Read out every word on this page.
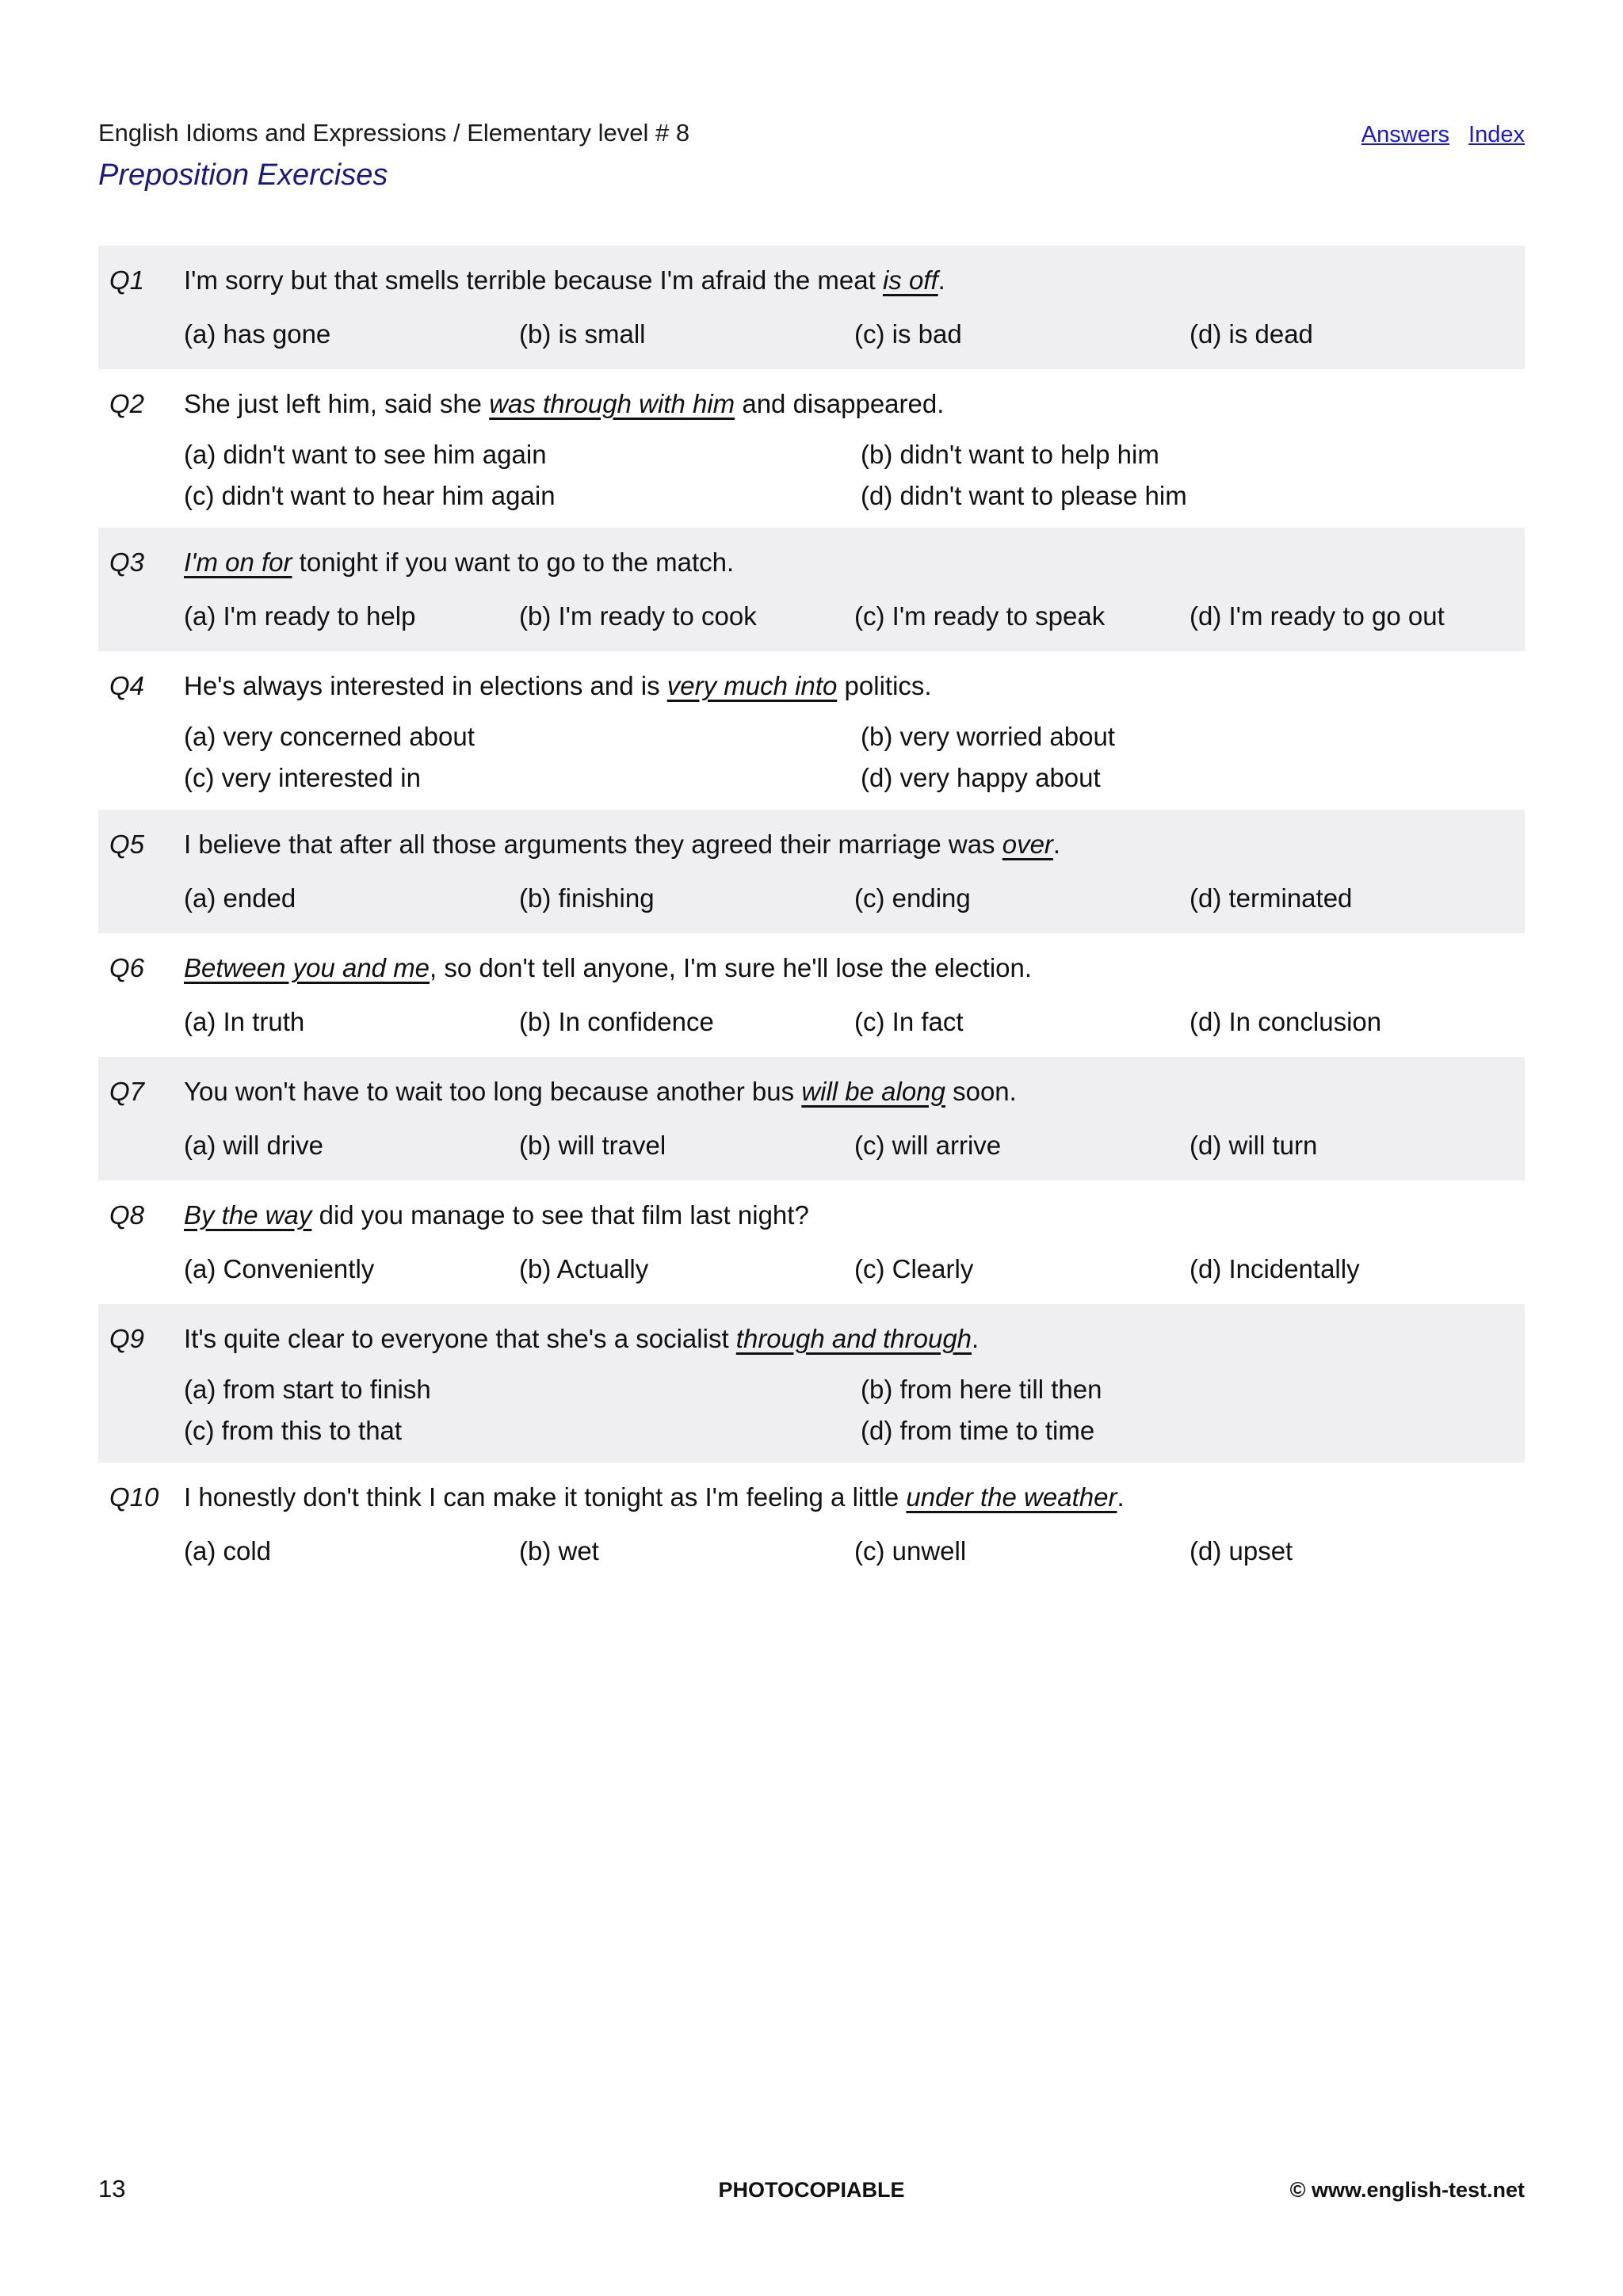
English Idioms and Expressions / Elementary level # 8
Preposition Exercises
Answers Index
Q1 I'm sorry but that smells terrible because I'm afraid the meat is off.
(a) has gone	(b) is small	(c) is bad	(d) is dead
Q2 She just left him, said she was through with him and disappeared.
(a) didn't want to see him again	(b) didn't want to help him
(c) didn't want to hear him again	(d) didn't want to please him
Q3 I'm on for tonight if you want to go to the match.
(a) I'm ready to help	(b) I'm ready to cook	(c) I'm ready to speak	(d) I'm ready to go out
Q4 He's always interested in elections and is very much into politics.
(a) very concerned about	(b) very worried about
(c) very interested in	(d) very happy about
Q5 I believe that after all those arguments they agreed their marriage was over.
(a) ended	(b) finishing	(c) ending	(d) terminated
Q6 Between you and me, so don't tell anyone, I'm sure he'll lose the election.
(a) In truth	(b) In confidence	(c) In fact	(d) In conclusion
Q7 You won't have to wait too long because another bus will be along soon.
(a) will drive	(b) will travel	(c) will arrive	(d) will turn
Q8 By the way did you manage to see that film last night?
(a) Conveniently	(b) Actually	(c) Clearly	(d) Incidentally
Q9 It's quite clear to everyone that she's a socialist through and through.
(a) from start to finish	(b) from here till then
(c) from this to that	(d) from time to time
Q10 I honestly don't think I can make it tonight as I'm feeling a little under the weather.
(a) cold	(b) wet	(c) unwell	(d) upset
13	PHOTOCOPIABLE	© www.english-test.net
